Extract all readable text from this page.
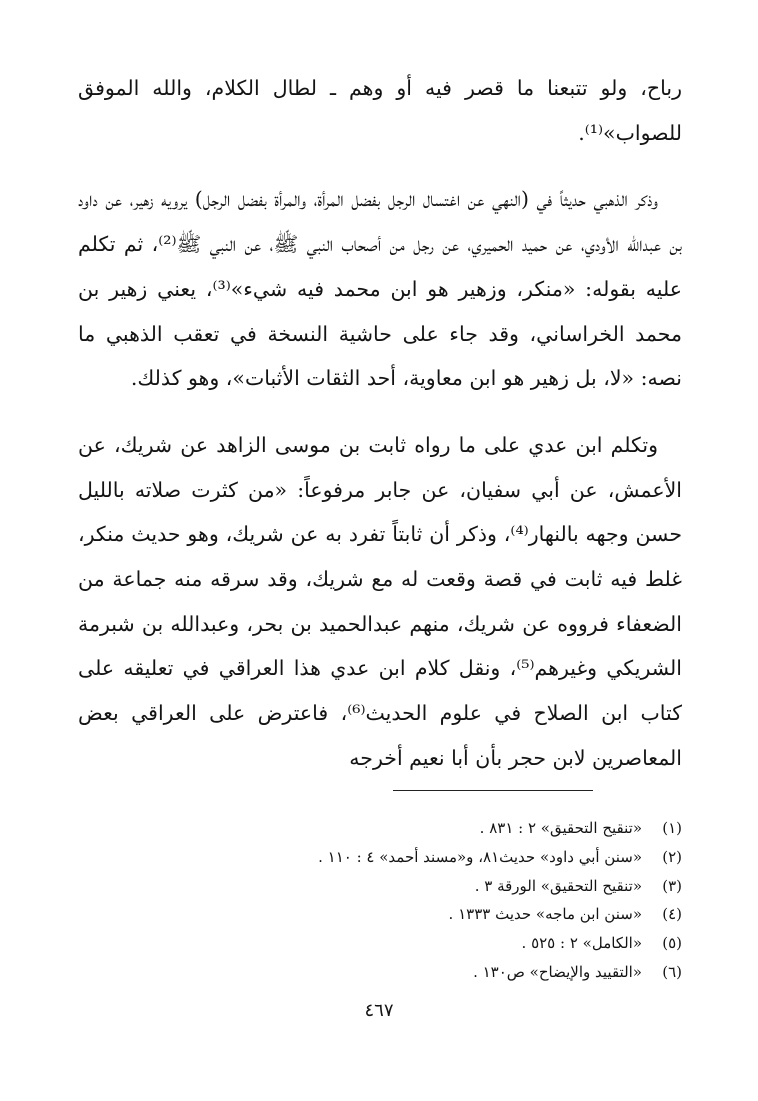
رباح، ولو تتبعنا ما قصر فيه أو وهم ـ لطال الكلام، والله الموفق للصواب»⁽¹⁾.

وذكر الذهبي حديثاً في (النهي عن اغتسال الرجل بفضل المرأة، والمرأة بفضل الرجل) يرويه زهير، عن داود بن عبدالله الأودي، عن حميد الحميري، عن رجل من أصحاب النبي ﷺ، عن النبي ﷺ⁽²⁾، ثم تكلم عليه بقوله: «منكر، وزهير هو ابن محمد فيه شيء»⁽³⁾، يعني زهير بن محمد الخراساني، وقد جاء على حاشية النسخة في تعقب الذهبي ما نصه: «لا، بل زهير هو ابن معاوية، أحد الثقات الأثبات»، وهو كذلك.

وتكلم ابن عدي على ما رواه ثابت بن موسى الزاهد عن شريك، عن الأعمش، عن أبي سفيان، عن جابر مرفوعاً: «من كثرت صلاته بالليل حسن وجهه بالنهار⁽⁴⁾، وذكر أن ثابتاً تفرد به عن شريك، وهو حديث منكر، غلط فيه ثابت في قصة وقعت له مع شريك، وقد سرقه منه جماعة من الضعفاء فرووه عن شريك، منهم عبدالحميد بن بحر، وعبدالله بن شبرمة الشريكي وغيرهم⁽⁵⁾، ونقل كلام ابن عدي هذا العراقي في تعليقه على كتاب ابن الصلاح في علوم الحديث⁽⁶⁾، فاعترض على العراقي بعض المعاصرين لابن حجر بأن أبا نعيم أخرجه

(١)
«تنقيح التحقيق» ٢ : ٨٣١ .
(٢)
«سنن أبي داود» حديث٨١، و«مسند أحمد» ٤ : ١١٠ .
(٣)
«تنقيح التحقيق» الورقة ٣ .
(٤)
«سنن ابن ماجه» حديث ١٣٣٣ .
(٥)
«الكامل» ٢ : ٥٢٥ .
(٦)
«التقييد والإيضاح» ص١٣٠ .
٤٦٧
